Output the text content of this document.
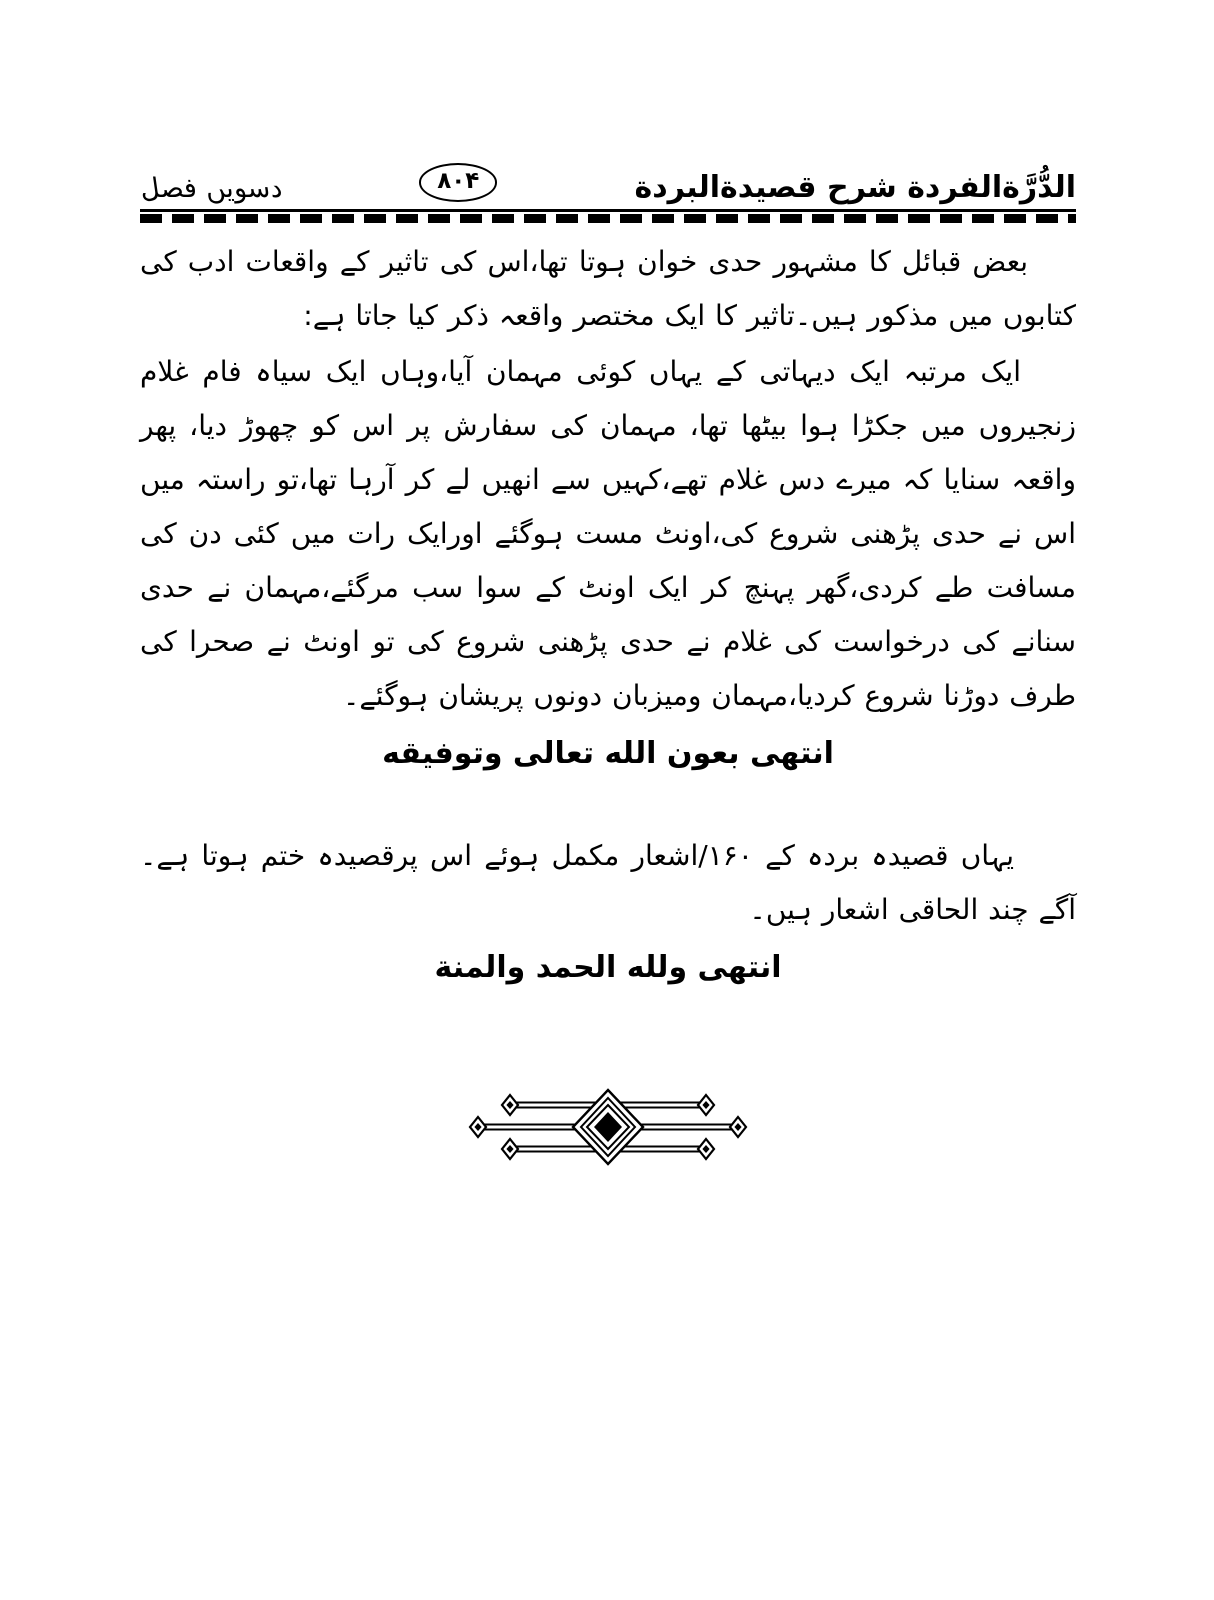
الدُّرَّةالفردة شرح قصيدةالبردة
۸۰۴
دسویں فصل
بعض قبائل کا مشہور حدی خوان ہوتا تھا،اس کی تاثیر کے واقعات ادب کی کتابوں میں مذکور ہیں۔تاثیر کا ایک مختصر واقعہ ذکر کیا جاتا ہے:
ایک مرتبہ ایک دیہاتی کے یہاں کوئی مہمان آیا،وہاں ایک سیاہ فام غلام زنجیروں میں جکڑا ہوا بیٹھا تھا، مہمان کی سفارش پر اس کو چھوڑ دیا، پھر واقعہ سنایا کہ میرے دس غلام تھے،کہیں سے انھیں لے کر آرہا تھا،تو راستہ میں اس نے حدی پڑھنی شروع کی،اونٹ مست ہوگئے اورایک رات میں کئی دن کی مسافت طے کردی،گھر پہنچ کر ایک اونٹ کے سوا سب مرگئے،مہمان نے حدی سنانے کی درخواست کی غلام نے حدی پڑھنی شروع کی تو اونٹ نے صحرا کی طرف دوڑنا شروع کردیا،مہمان ومیزبان دونوں پریشان ہوگئے۔
انتهى بعون الله تعالى وتوفيقه
یہاں قصیدہ بردہ کے ۱۶۰/اشعار مکمل ہوئے اس پرقصیدہ ختم ہوتا ہے۔آگے چند الحاقی اشعار ہیں۔
انتهى ولله الحمد والمنة
